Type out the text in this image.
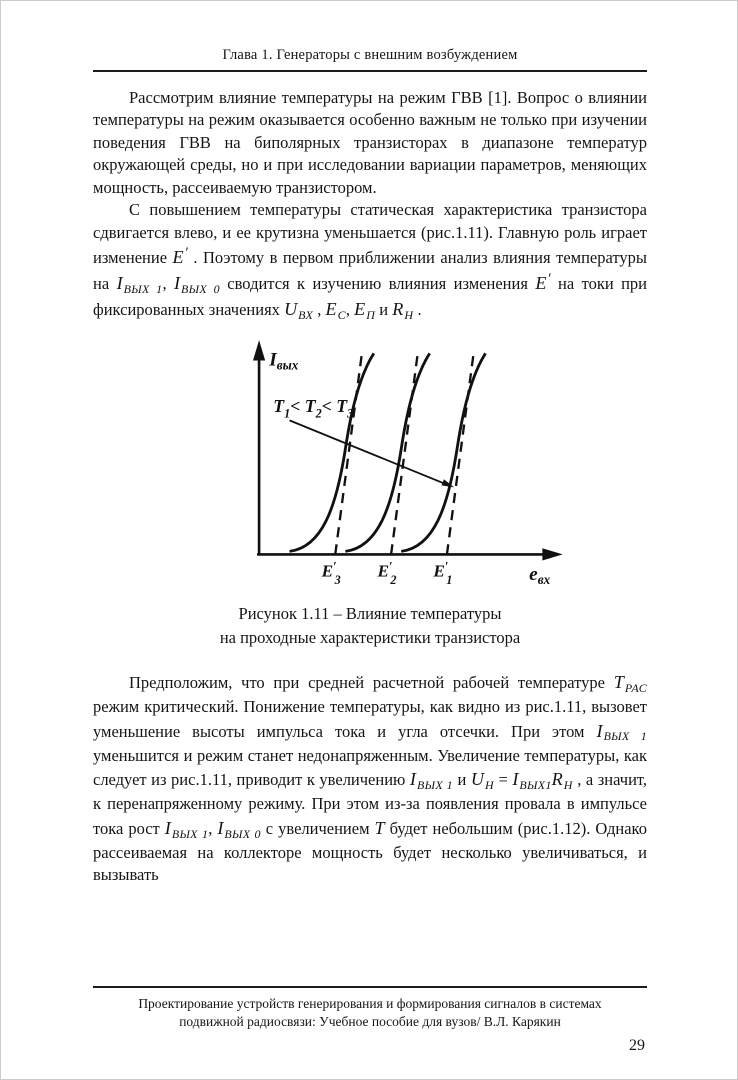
Глава 1. Генераторы с внешним возбуждением

Рассмотрим влияние температуры на режим ГВВ [1]. Вопрос о влиянии температуры на режим оказывается особенно важным не только при изучении поведения ГВВ на биполярных транзисторах в диапазоне температур окружающей среды, но и при исследовании вариации параметров, меняющих мощность, рассеиваемую транзистором.

С повышением температуры статическая характеристика транзистора сдвигается влево, и ее крутизна уменьшается (рис.1.11). Главную роль играет изменение E′ . Поэтому в первом приближении анализ влияния температуры на $I_{ВЫХ 1}$, $I_{ВЫХ 0}$ сводится к изучению влияния изменения E′ на токи при фиксированных значениях $U_{ВХ}$ , $E_С$, $E_П$ и $R_Н$ .

$T_1< T_2< T_3$
$I_{вых}$
$e_{вх}$
E′ 3 E′ 2 E′ 1
Рисунок 1.11 – Влияние температуры
на проходные характеристики транзистора

Предположим, что при средней расчетной рабочей температуре $T_{РАС}$ режим критический. Понижение температуры, как видно из рис.1.11, вызовет уменьшение высоты импульса тока и угла отсечки. При этом $I_{ВЫХ 1}$ уменьшится и режим станет недонапряженным. Увеличение температуры, как следует из рис.1.11, приводит к увеличению $I_{ВЫХ 1}$ и $U_Н = I_{ВЫХ1}R_Н$ , а значит, к перенапряженному режиму. При этом из-за появления провала в импульсе тока рост $I_{ВЫХ 1}$, $I_{ВЫХ 0}$ с увеличением T будет небольшим (рис.1.12). Однако рассеиваемая на коллекторе мощность будет несколько увеличиваться, и вызывать

Проектирование устройств генерирования и формирования сигналов в системах
подвижной радиосвязи: Учебное пособие для вузов/ В.Л. Карякин
29
